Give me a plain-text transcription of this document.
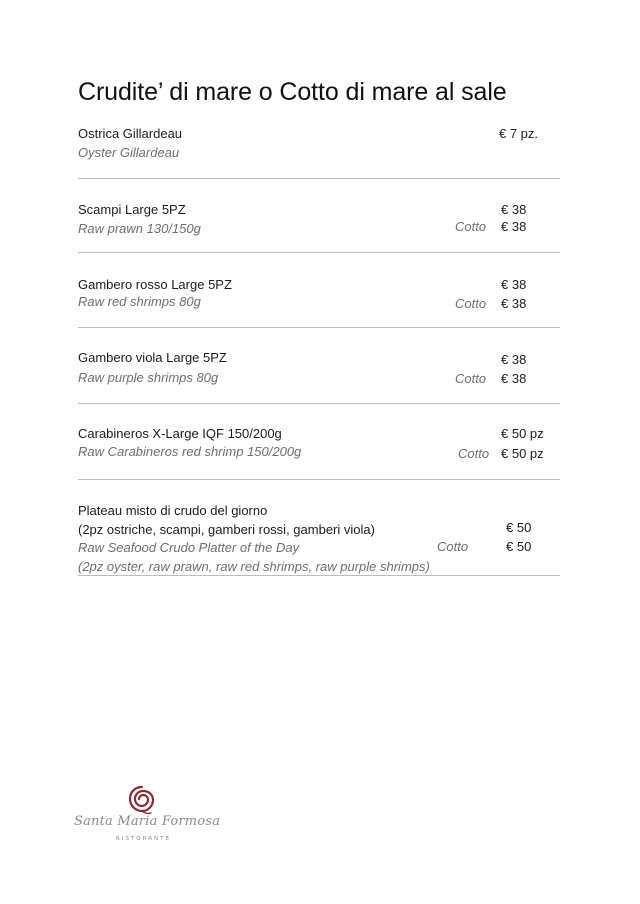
Crudite’ di mare o Cotto di mare al sale
Ostrica Gillardeau
Oyster Gillardeau
€ 7 pz.
Scampi Large 5PZ
Raw prawn 130/150g
€ 38
Cotto € 38
Gambero rosso Large 5PZ
Raw red shrimps 80g
€ 38
Cotto € 38
Gambero viola Large 5PZ
Raw purple shrimps 80g
€ 38
Cotto € 38
Carabineros X-Large IQF 150/200g
Raw Carabineros red shrimp 150/200g
€ 50 pz
Cotto € 50 pz
Plateau misto di crudo del giorno
(2pz ostriche, scampi, gamberi rossi, gamberi viola)
Raw Seafood Crudo Platter of the Day
(2pz oyster, raw prawn, raw red shrimps, raw purple shrimps)
€ 50
Cotto	€ 50
Santa Maria Formosa
RISTORANTE
